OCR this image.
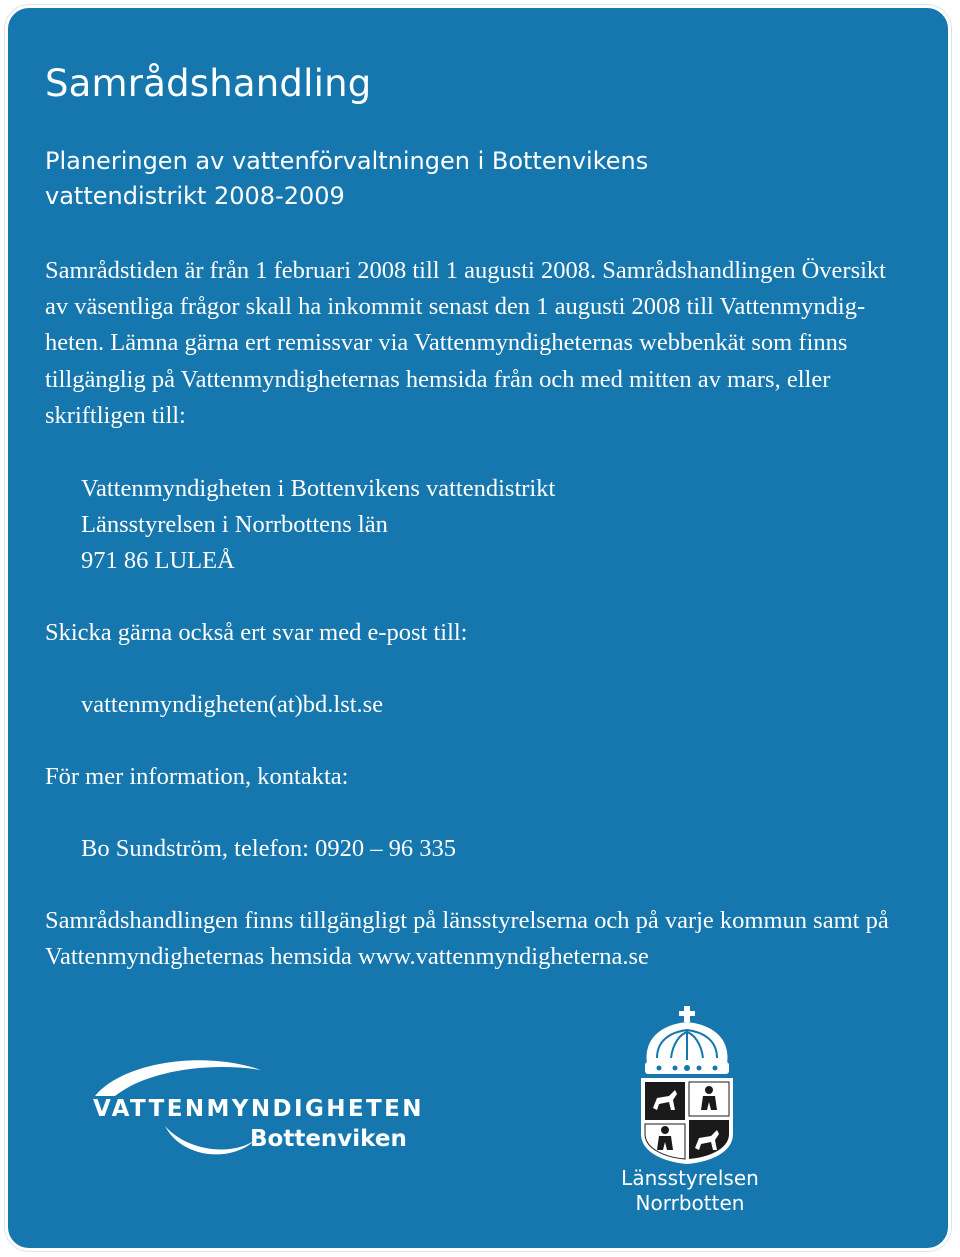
Samrådshandling
Planeringen av vattenförvaltningen i Bottenvikens
vattendistrikt 2008-2009
Samrådstiden är från 1 februari 2008 till 1 augusti 2008. Samrådshandlingen Översikt
av väsentliga frågor skall ha inkommit senast den 1 augusti 2008 till Vattenmyndig-
heten. Lämna gärna ert remissvar via Vattenmyndigheternas webbenkät som finns
tillgänglig på Vattenmyndigheternas hemsida från och med mitten av mars, eller
skriftligen till:
Vattenmyndigheten i Bottenvikens vattendistrikt
Länsstyrelsen i Norrbottens län
971 86 LULEÅ
Skicka gärna också ert svar med e-post till:
vattenmyndigheten(at)bd.lst.se
För mer information, kontakta:
Bo Sundström, telefon: 0920 – 96 335
Samrådshandlingen finns tillgängligt på länsstyrelserna och på varje kommun samt på
Vattenmyndigheternas hemsida www.vattenmyndigheterna.se
VATTENMYNDIGHETEN
Bottenviken
Länsstyrelsen
Norrbotten
